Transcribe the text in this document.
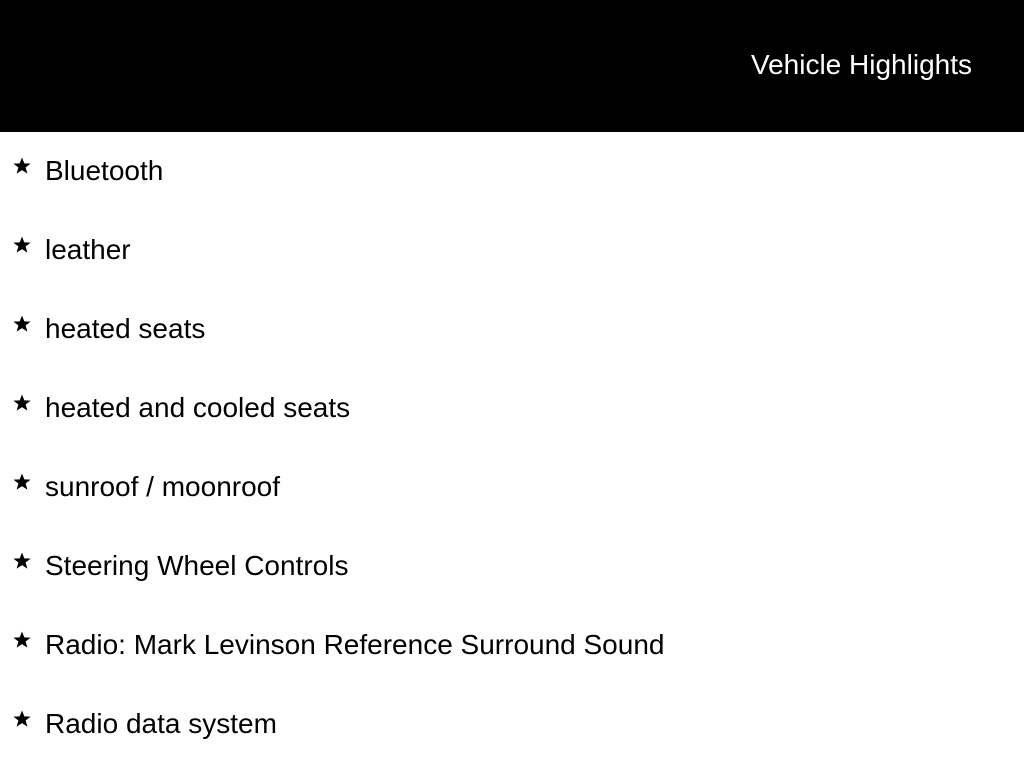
Vehicle Highlights
Bluetooth
leather
heated seats
heated and cooled seats
sunroof / moonroof
Steering Wheel Controls
Radio: Mark Levinson Reference Surround Sound
Radio data system
